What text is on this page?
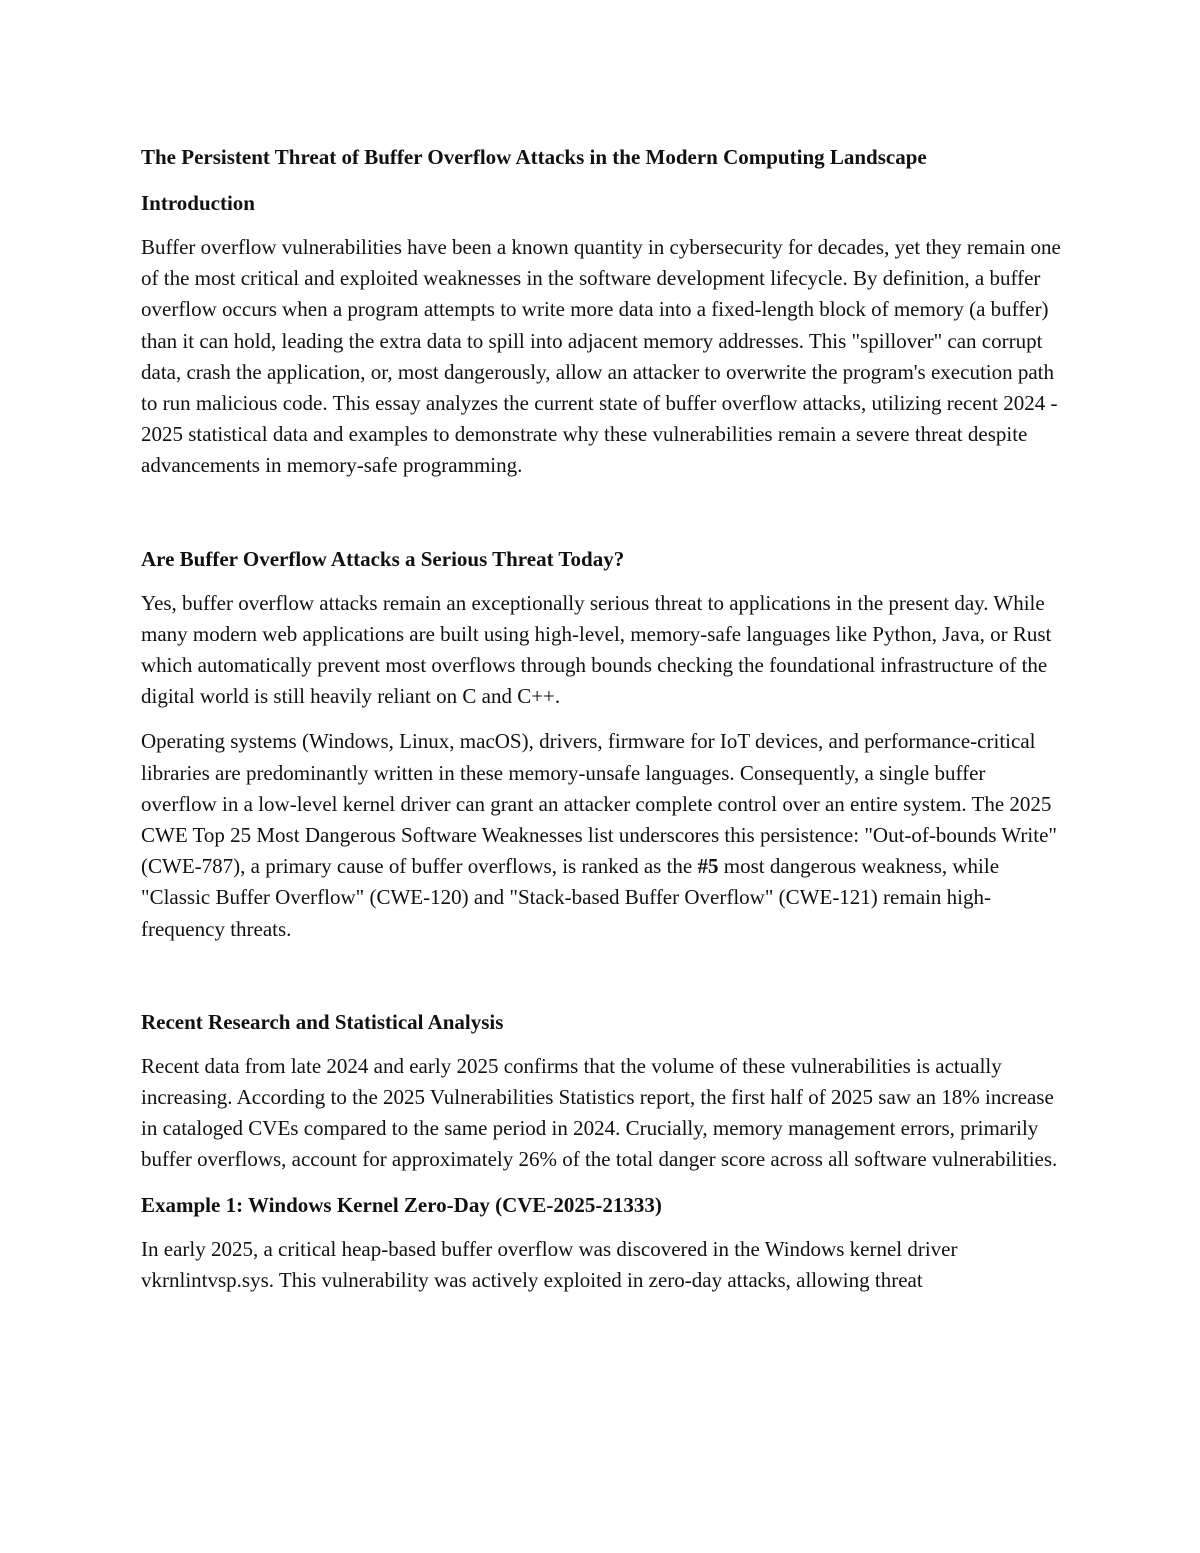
The Persistent Threat of Buffer Overflow Attacks in the Modern Computing Landscape
Introduction
Buffer overflow vulnerabilities have been a known quantity in cybersecurity for decades, yet they remain one of the most critical and exploited weaknesses in the software development lifecycle. By definition, a buffer overflow occurs when a program attempts to write more data into a fixed-length block of memory (a buffer) than it can hold, leading the extra data to spill into adjacent memory addresses. This "spillover" can corrupt data, crash the application, or, most dangerously, allow an attacker to overwrite the program's execution path to run malicious code. This essay analyzes the current state of buffer overflow attacks, utilizing recent 2024 - 2025 statistical data and examples to demonstrate why these vulnerabilities remain a severe threat despite advancements in memory-safe programming.
Are Buffer Overflow Attacks a Serious Threat Today?
Yes, buffer overflow attacks remain an exceptionally serious threat to applications in the present day. While many modern web applications are built using high-level, memory-safe languages like Python, Java, or Rust which automatically prevent most overflows through bounds checking the foundational infrastructure of the digital world is still heavily reliant on C and C++.
Operating systems (Windows, Linux, macOS), drivers, firmware for IoT devices, and performance-critical libraries are predominantly written in these memory-unsafe languages. Consequently, a single buffer overflow in a low-level kernel driver can grant an attacker complete control over an entire system. The 2025 CWE Top 25 Most Dangerous Software Weaknesses list underscores this persistence: "Out-of-bounds Write" (CWE-787), a primary cause of buffer overflows, is ranked as the #5 most dangerous weakness, while "Classic Buffer Overflow" (CWE-120) and "Stack-based Buffer Overflow" (CWE-121) remain high-frequency threats.
Recent Research and Statistical Analysis
Recent data from late 2024 and early 2025 confirms that the volume of these vulnerabilities is actually increasing. According to the 2025 Vulnerabilities Statistics report, the first half of 2025 saw an 18% increase in cataloged CVEs compared to the same period in 2024. Crucially, memory management errors, primarily buffer overflows, account for approximately 26% of the total danger score across all software vulnerabilities.
Example 1: Windows Kernel Zero-Day (CVE-2025-21333)
In early 2025, a critical heap-based buffer overflow was discovered in the Windows kernel driver vkrnlintvsp.sys. This vulnerability was actively exploited in zero-day attacks, allowing threat
